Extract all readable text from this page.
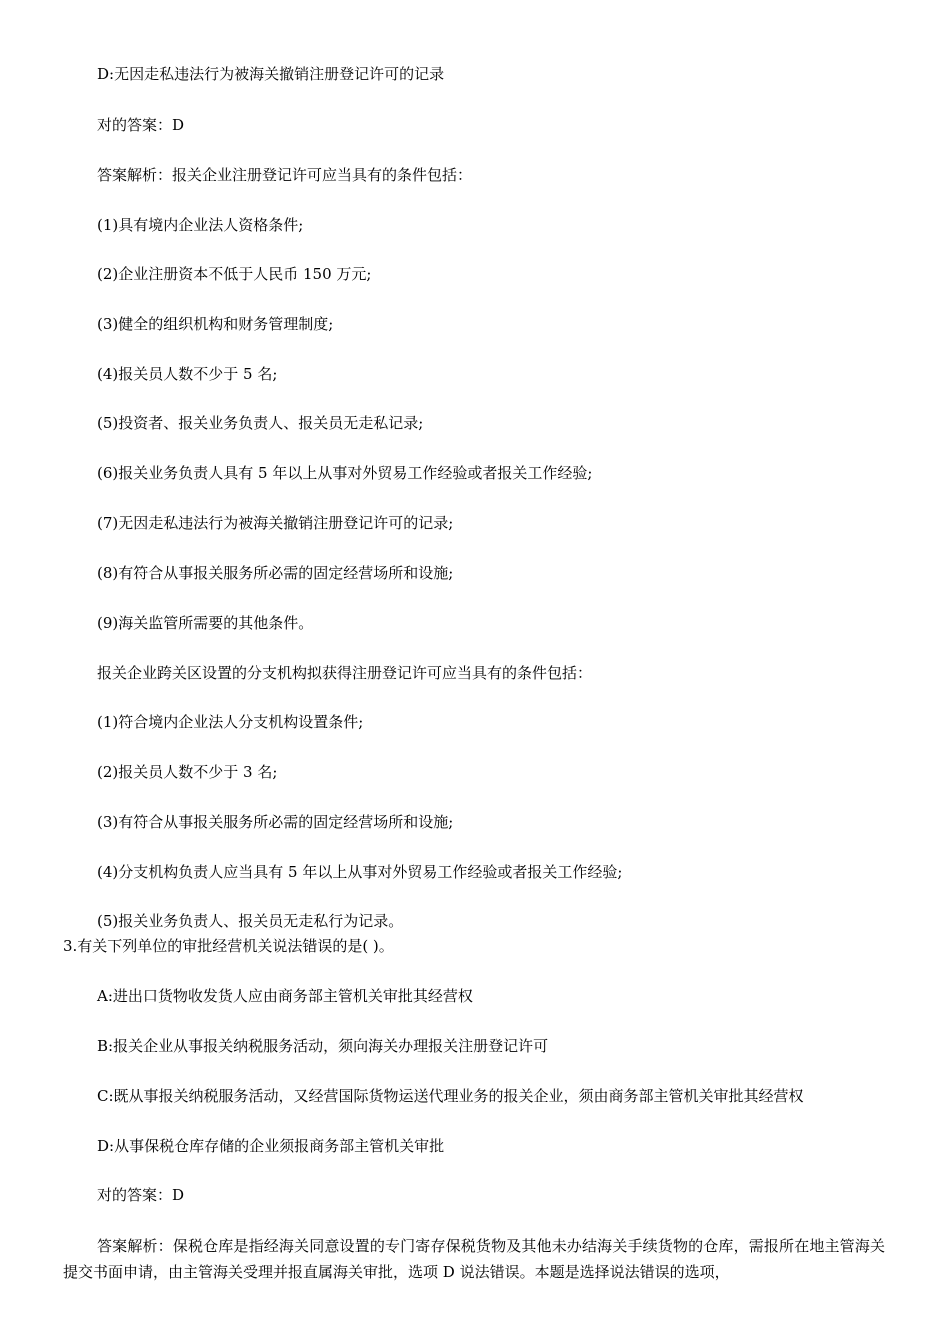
D:无因走私违法行为被海关撤销注册登记许可的记录
对的答案：D
答案解析：报关企业注册登记许可应当具有的条件包括：
(1)具有境内企业法人资格条件;
(2)企业注册资本不低于人民币 150 万元;
(3)健全的组织机构和财务管理制度;
(4)报关员人数不少于 5 名;
(5)投资者、报关业务负责人、报关员无走私记录;
(6)报关业务负责人具有 5 年以上从事对外贸易工作经验或者报关工作经验;
(7)无因走私违法行为被海关撤销注册登记许可的记录;
(8)有符合从事报关服务所必需的固定经营场所和设施;
(9)海关监管所需要的其他条件。
报关企业跨关区设置的分支机构拟获得注册登记许可应当具有的条件包括：
(1)符合境内企业法人分支机构设置条件;
(2)报关员人数不少于 3 名;
(3)有符合从事报关服务所必需的固定经营场所和设施;
(4)分支机构负责人应当具有 5 年以上从事对外贸易工作经验或者报关工作经验;
(5)报关业务负责人、报关员无走私行为记录。
3.有关下列单位的审批经营机关说法错误的是( )。
A:进出口货物收发货人应由商务部主管机关审批其经营权
B:报关企业从事报关纳税服务活动，须向海关办理报关注册登记许可
C:既从事报关纳税服务活动，又经营国际货物运送代理业务的报关企业，须由商务部主管机关审批其经营权
D:从事保税仓库存储的企业须报商务部主管机关审批
对的答案：D
答案解析：保税仓库是指经海关同意设置的专门寄存保税货物及其他未办结海关手续货物的仓库，需报所在地主管海关提交书面申请，由主管海关受理并报直属海关审批，选项 D 说法错误。本题是选择说法错误的选项，
